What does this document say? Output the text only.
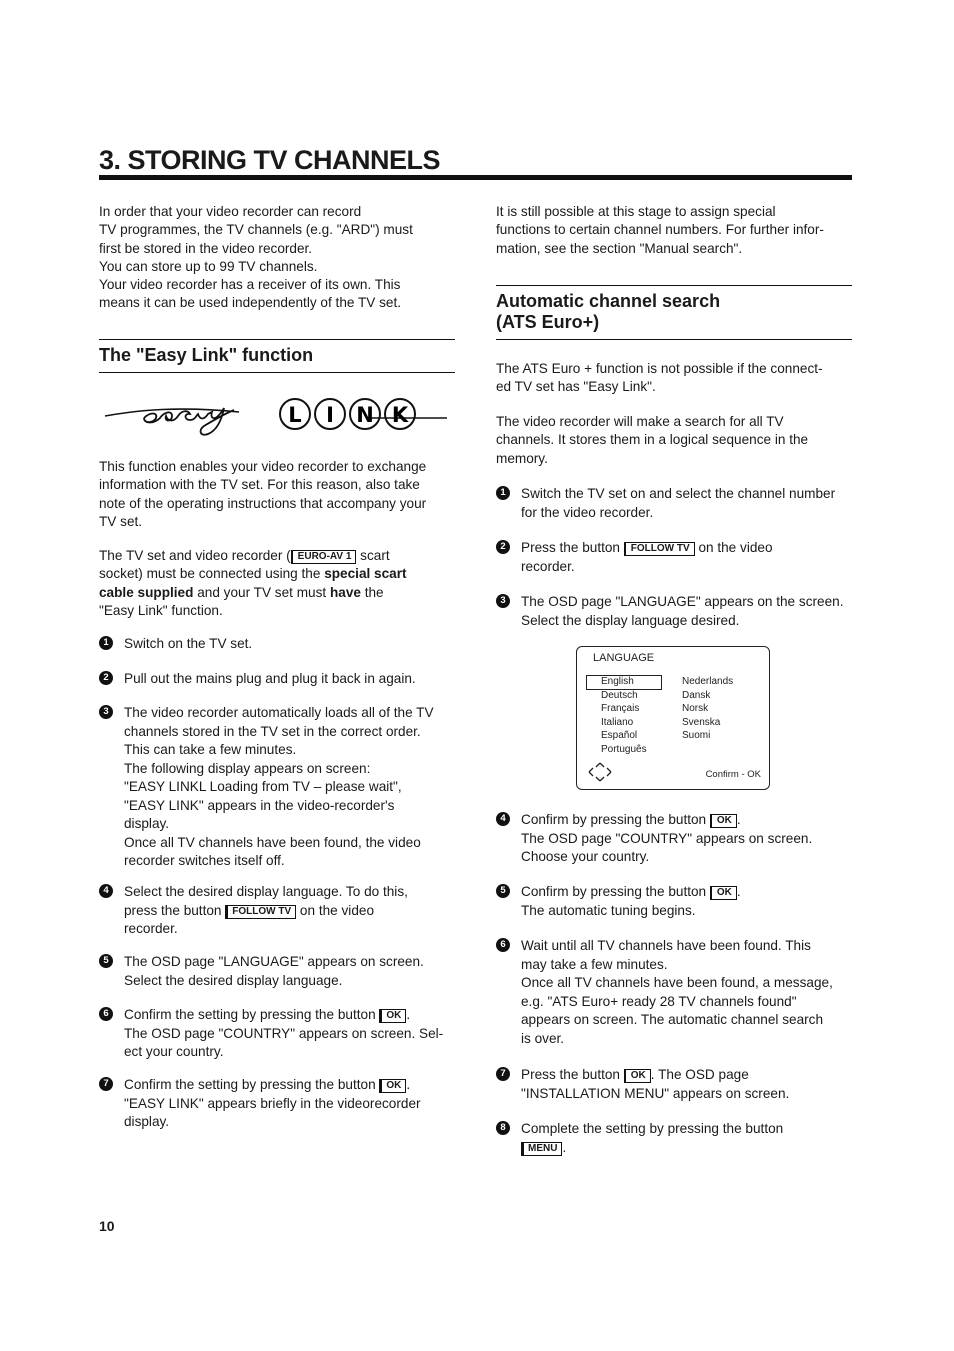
3. STORING TV CHANNELS

In order that your video recorder can record

TV programmes, the TV channels (e.g. "ARD") must

first be stored in the video recorder.

You can store up to 99 TV channels.

Your video recorder has a receiver of its own. This

means it can be used independently of the TV set.

The "Easy Link" function
L I N K

This function enables your video recorder to exchange

information with the TV set. For this reason, also take

note of the operating instructions that accompany your

TV set.

The TV set and video recorder ( EURO-AV 1 scart

socket) must be connected using the special scart

cable supplied and your TV set must have the

"Easy Link" function.

1	Switch on the TV set.
2	Pull out the mains plug and plug it back in again.
3	The video recorder automatically loads all of the TV
channels stored in the TV set in the correct order.
This can take a few minutes.
The following display appears on screen:
"EASY LINKL Loading from TV – please wait",
"EASY LINK" appears in the video-recorder's
display.
Once all TV channels have been found, the video
recorder switches itself off.
4	Select the desired display language. To do this,
press the button FOLLOW TV on the video
recorder.
5	The OSD page "LANGUAGE" appears on screen.
Select the desired display language.
6	Confirm the setting by pressing the button OK .
The OSD page "COUNTRY" appears on screen. Sel-
ect your country.
7	Confirm the setting by pressing the button OK .
"EASY LINK" appears briefly in the videorecorder
display.

It is still possible at this stage to assign special

functions to certain channel numbers. For further infor-

mation, see the section "Manual search".

Automatic channel search
(ATS Euro+)

The ATS Euro + function is not possible if the connect-

ed TV set has "Easy Link".

The video recorder will make a search for all TV

channels. It stores them in a logical sequence in the

memory.

1	Switch the TV set on and select the channel number
for the video recorder.
2	Press the button FOLLOW TV on the video
recorder.
3	The OSD page "LANGUAGE" appears on the screen.
Select the display language desired.
LANGUAGE
English
Deutsch
Français
Italiano
Español
Português
Nederlands
Dansk
Norsk
Svenska
Suomi
Confirm - OK
4	Confirm by pressing the button OK .
The OSD page "COUNTRY" appears on screen.
Choose your country.
5	Confirm by pressing the button OK .
The automatic tuning begins.
6	Wait until all TV channels have been found. This
may take a few minutes.
Once all TV channels have been found, a message,
e.g. "ATS Euro+ ready 28 TV channels found"
appears on screen. The automatic channel search
is over.
7	Press the button OK . The OSD page
"INSTALLATION MENU" appears on screen.
8	Complete the setting by pressing the button
MENU .
10
